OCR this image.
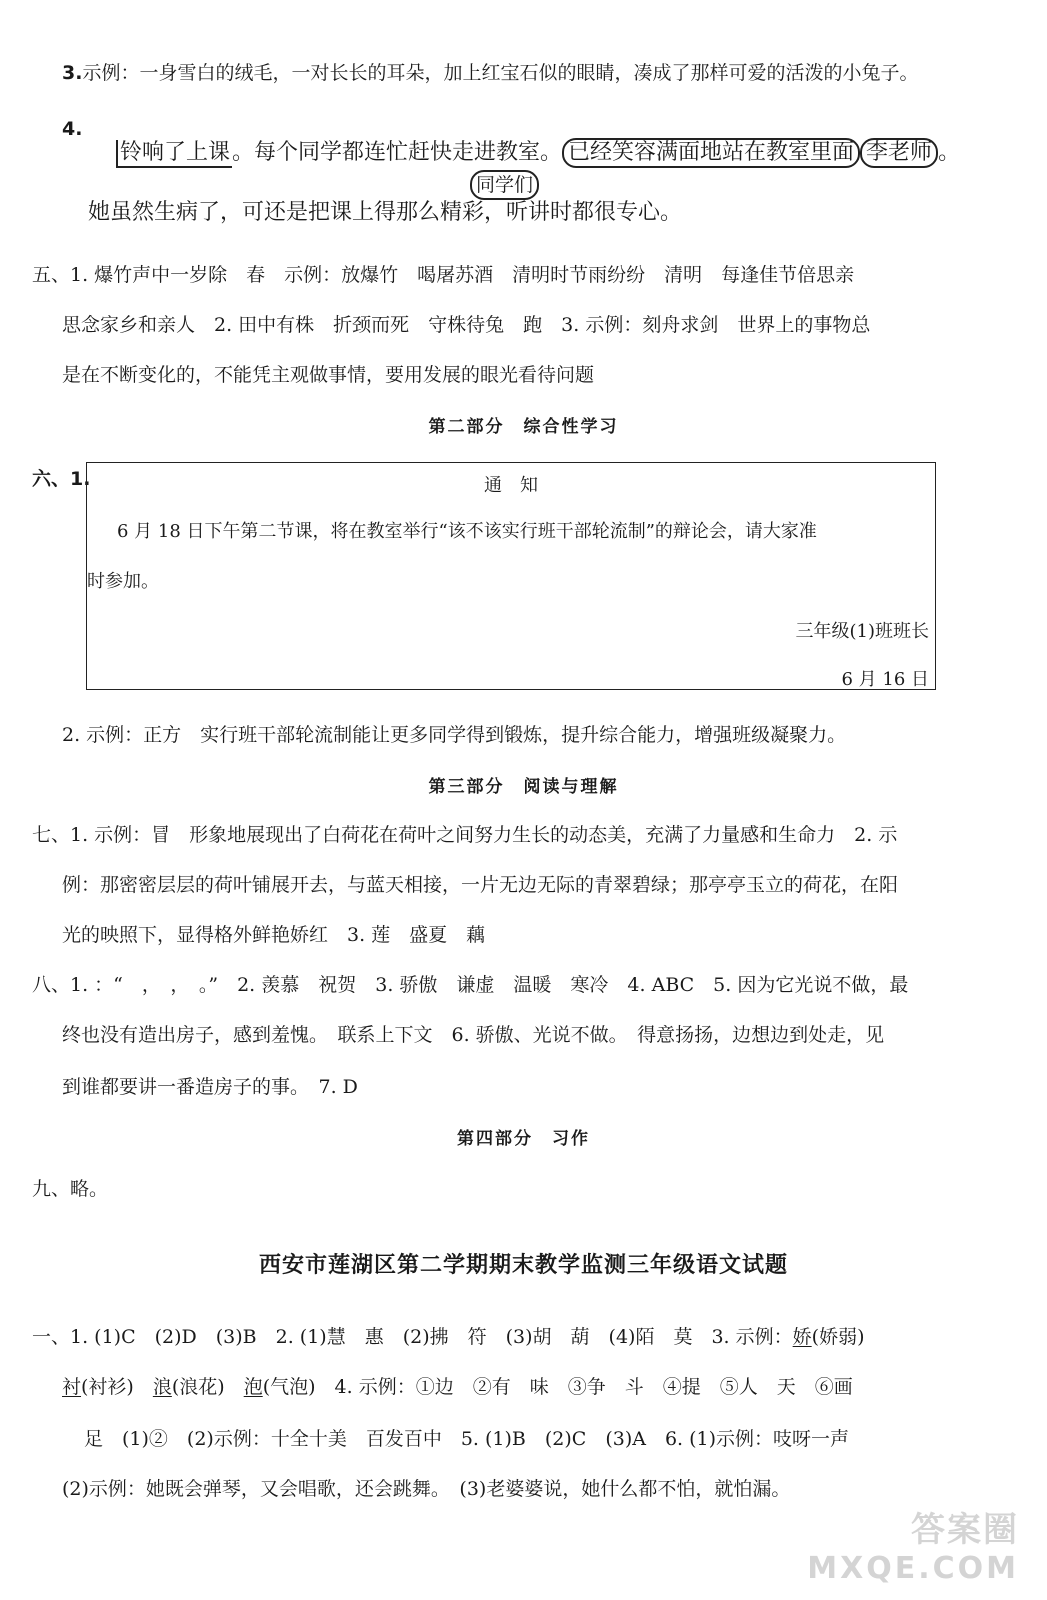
3.示例：一身雪白的绒毛，一对长长的耳朵，加上红宝石似的眼睛，凑成了那样可爱的活泼的小兔子。
4.
铃响了上课。每个同学都连忙赶快走进教室。 已经笑容满面地站在教室里面 李老师 。
同学们
她虽然生病了，可还是把课上得那么精彩，听讲时都很专心。
五、1. 爆竹声中一岁除　春　示例：放爆竹　喝屠苏酒　清明时节雨纷纷　清明　每逢佳节倍思亲
思念家乡和亲人　2. 田中有株　折颈而死　守株待兔　跑　3. 示例：刻舟求剑　世界上的事物总
是在不断变化的，不能凭主观做事情，要用发展的眼光看待问题
第二部分　综合性学习
六、1.	通　知
6 月 18 日下午第二节课，将在教室举行“该不该实行班干部轮流制”的辩论会，请大家准
时参加。
三年级(1)班班长
6 月 16 日
2. 示例：正方　实行班干部轮流制能让更多同学得到锻炼，提升综合能力，增强班级凝聚力。
第三部分　阅读与理解
七、1. 示例：冒　形象地展现出了白荷花在荷叶之间努力生长的动态美，充满了力量感和生命力　2. 示
例：那密密层层的荷叶铺展开去，与蓝天相接，一片无边无际的青翠碧绿；那亭亭玉立的荷花，在阳
光的映照下，显得格外鲜艳娇红　3. 莲　盛夏　藕
八、1. ：“　，　，　。”　2. 羡慕　祝贺　3. 骄傲　谦虚　温暖　寒冷　4. ABC　5. 因为它光说不做，最
终也没有造出房子，感到羞愧。　联系上下文　6. 骄傲、光说不做。　得意扬扬，边想边到处走，见
到谁都要讲一番造房子的事。　7. D
第四部分　习作
九、略。
西安市莲湖区第二学期期末教学监测三年级语文试题
一、1. (1)C　(2)D　(3)B　2. (1)慧　惠　(2)拂　符　(3)胡　葫　(4)陌　莫　3. 示例：娇(娇弱)
衬(衬衫)　浪(浪花)　泡(气泡)　4. 示例：①边　②有　味　③争　斗　④提　⑤人　天　⑥画
足　(1)②　(2)示例：十全十美　百发百中　5. (1)B　(2)C　(3)A　6. (1)示例：吱呀一声
(2)示例：她既会弹琴，又会唱歌，还会跳舞。　(3)老婆婆说，她什么都不怕，就怕漏。
答案圈
MXQE.COM
